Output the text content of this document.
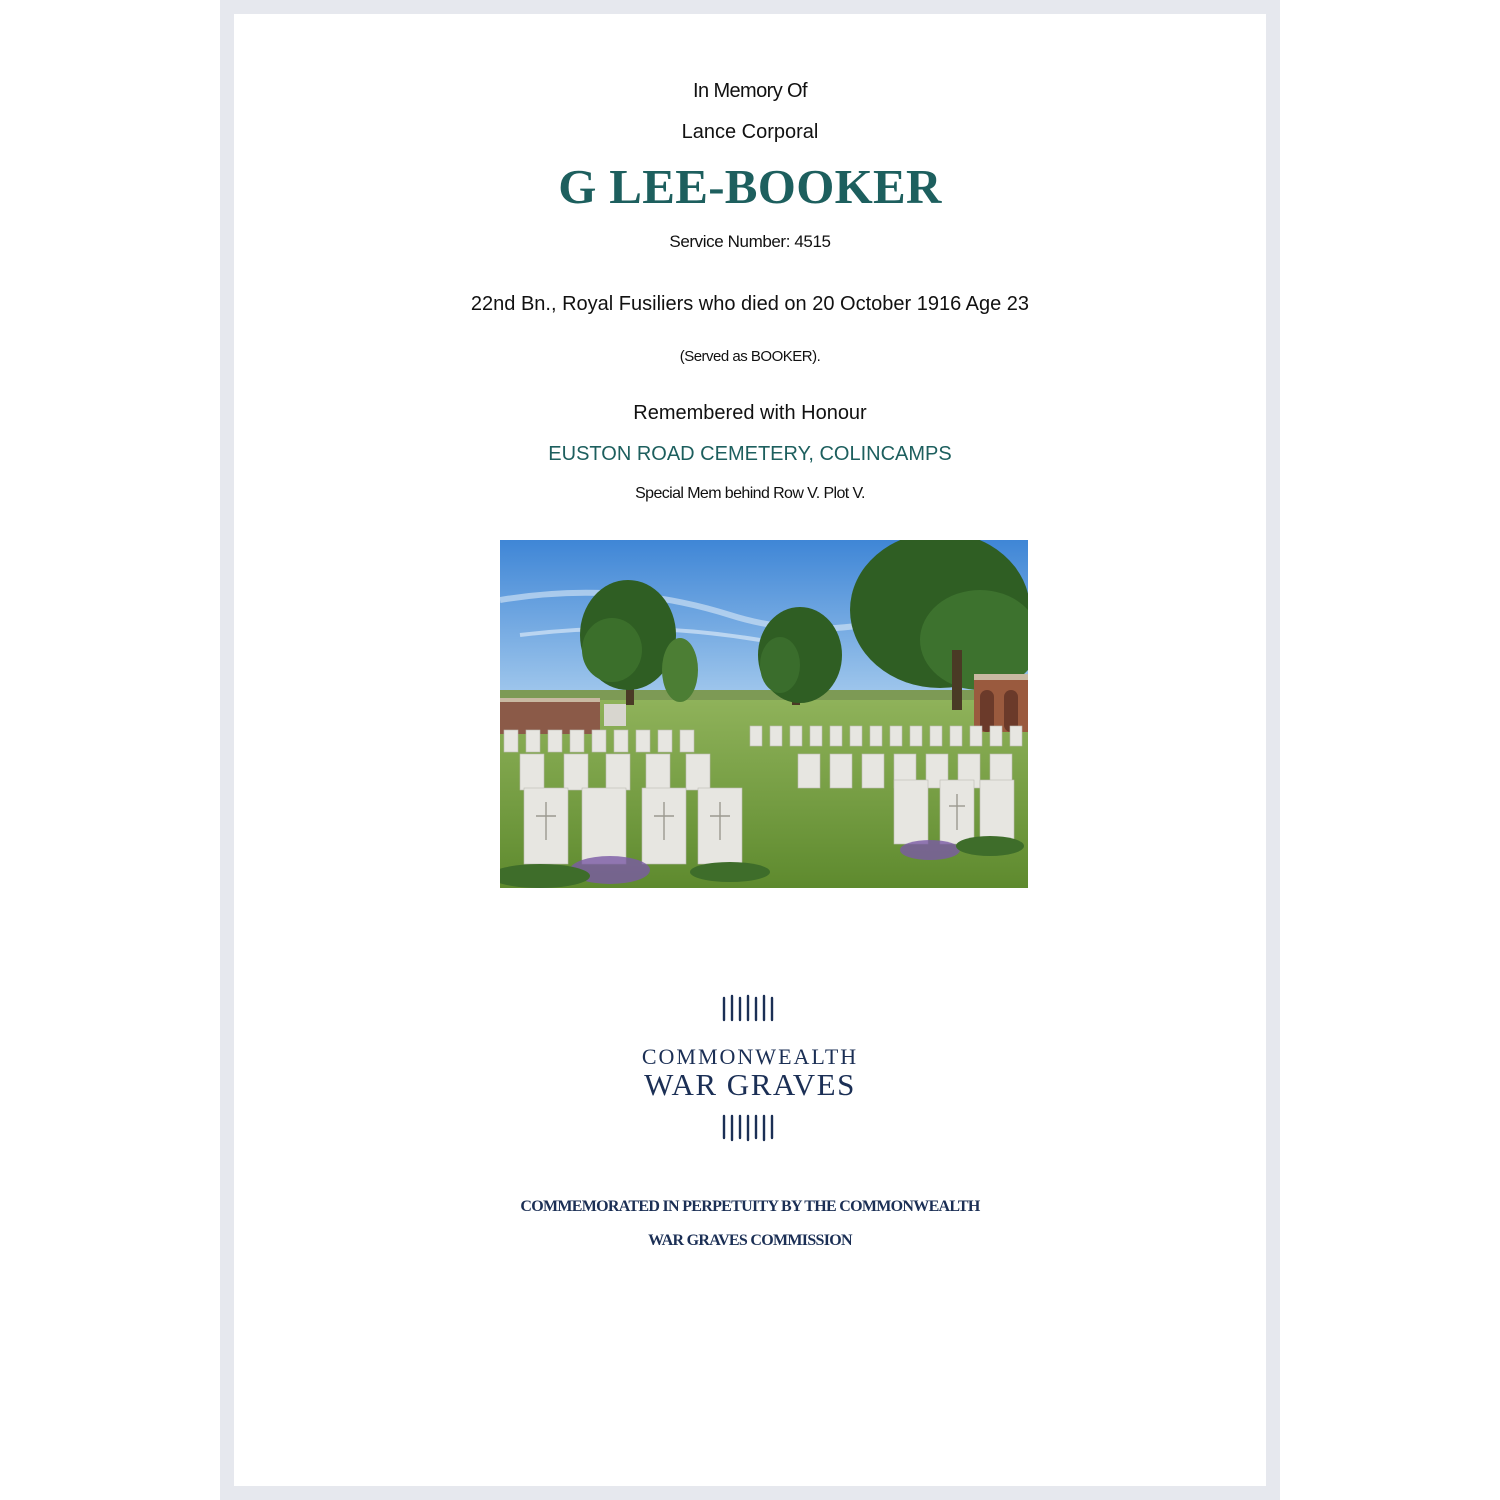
In Memory Of
Lance Corporal
G LEE-BOOKER
Service Number: 4515
22nd Bn., Royal Fusiliers who died on 20 October 1916 Age 23
(Served as BOOKER).
Remembered with Honour
EUSTON ROAD CEMETERY, COLINCAMPS
Special Mem behind Row V. Plot V.
COMMONWEALTH
WAR GRAVES
COMMEMORATED IN PERPETUITY BY THE COMMONWEALTH
WAR GRAVES COMMISSION
